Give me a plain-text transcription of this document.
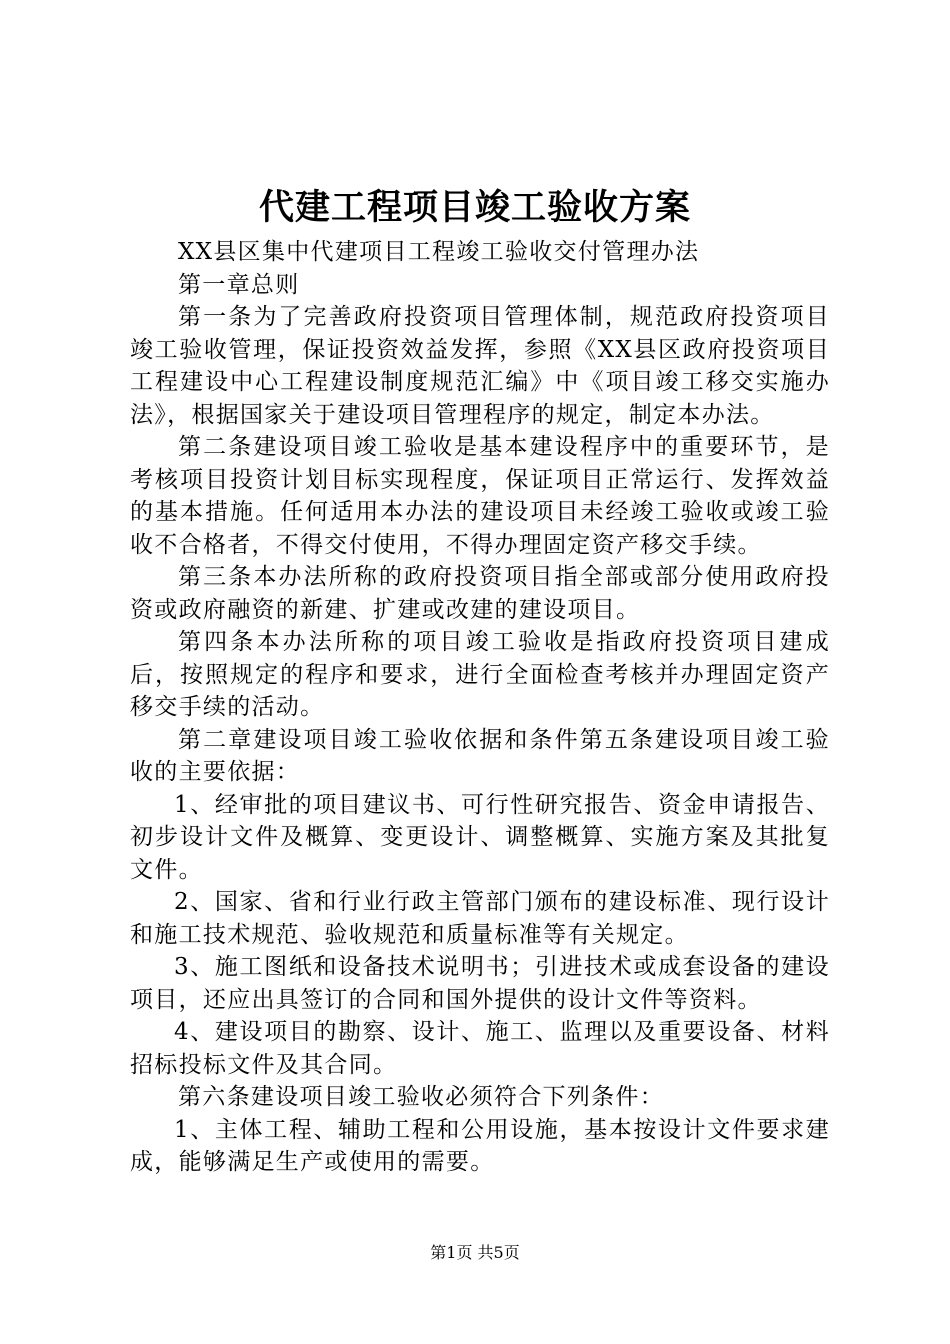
代建工程项目竣工验收方案

XX县区集中代建项目工程竣工验收交付管理办法

第一章总则

第一条为了完善政府投资项目管理体制，规范政府投资项目竣工验收管理，保证投资效益发挥，参照《XX县区政府投资项目工程建设中心工程建设制度规范汇编》中《项目竣工移交实施办法》，根据国家关于建设项目管理程序的规定，制定本办法。

第二条建设项目竣工验收是基本建设程序中的重要环节，是考核项目投资计划目标实现程度，保证项目正常运行、发挥效益的基本措施。任何适用本办法的建设项目未经竣工验收或竣工验收不合格者，不得交付使用，不得办理固定资产移交手续。

第三条本办法所称的政府投资项目指全部或部分使用政府投资或政府融资的新建、扩建或改建的建设项目。

第四条本办法所称的项目竣工验收是指政府投资项目建成后，按照规定的程序和要求，进行全面检查考核并办理固定资产移交手续的活动。

第二章建设项目竣工验收依据和条件第五条建设项目竣工验收的主要依据：

1、经审批的项目建议书、可行性研究报告、资金申请报告、初步设计文件及概算、变更设计、调整概算、实施方案及其批复文件。

2、国家、省和行业行政主管部门颁布的建设标准、现行设计和施工技术规范、验收规范和质量标准等有关规定。

3、施工图纸和设备技术说明书；引进技术或成套设备的建设项目，还应出具签订的合同和国外提供的设计文件等资料。

4、建设项目的勘察、设计、施工、监理以及重要设备、材料招标投标文件及其合同。

第六条建设项目竣工验收必须符合下列条件：

1、主体工程、辅助工程和公用设施，基本按设计文件要求建成，能够满足生产或使用的需要。

第1页 共5页
